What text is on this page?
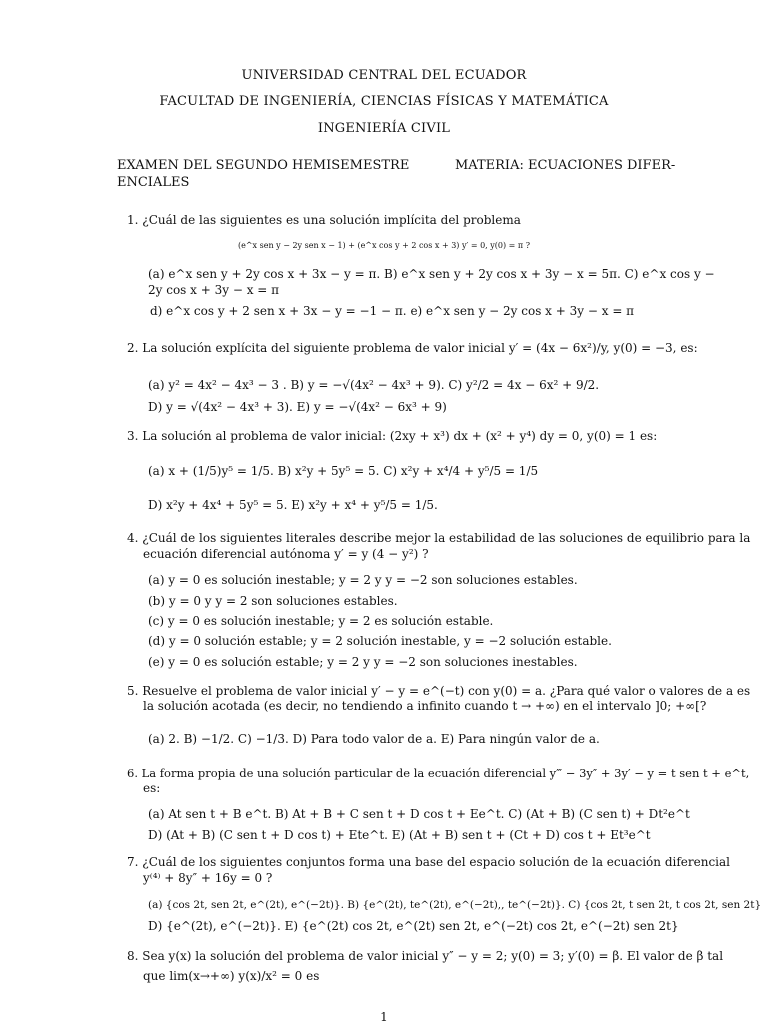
UNIVERSIDAD CENTRAL DEL ECUADOR
FACULTAD DE INGENIERÍA, CIENCIAS FÍSICAS Y MATEMÁTICA
INGENIERÍA CIVIL
EXAMEN DEL SEGUNDO HEMISEMESTRE	MATERIA: ECUACIONES DIFER-
ENCIALES
1. ¿Cuál de las siguientes es una solución implícita del problema
(e^x sen y − 2y sen x − 1) + (e^x cos y + 2 cos x + 3) y′ = 0, y(0) = π ?
(a) e^x sen y + 2y cos x + 3x − y = π. B) e^x sen y + 2y cos x + 3y − x = 5π. C) e^x cos y −
2y cos x + 3y − x = π
d) e^x cos y + 2 sen x + 3x − y = −1 − π. e) e^x sen y − 2y cos x + 3y − x = π
2. La solución explícita del siguiente problema de valor inicial y′ = (4x − 6x²)/y, y(0) = −3, es:
(a) y² = 4x² − 4x³ − 3 . B) y = −√(4x² − 4x³ + 9). C) y²/2 = 4x − 6x² + 9/2.
D) y = √(4x² − 4x³ + 3). E) y = −√(4x² − 6x³ + 9)
3. La solución al problema de valor inicial: (2xy + x³) dx + (x² + y⁴) dy = 0, y(0) = 1 es:
(a) x + (1/5)y⁵ = 1/5. B) x²y + 5y⁵ = 5. C) x²y + x⁴/4 + y⁵/5 = 1/5
D) x²y + 4x⁴ + 5y⁵ = 5. E) x²y + x⁴ + y⁵/5 = 1/5.
4. ¿Cuál de los siguientes literales describe mejor la estabilidad de las soluciones de equilibrio para la
ecuación diferencial autónoma y′ = y (4 − y²) ?
(a) y = 0 es solución inestable; y = 2 y y = −2 son soluciones estables.
(b) y = 0 y y = 2 son soluciones estables.
(c) y = 0 es solución inestable; y = 2 es solución estable.
(d) y = 0 solución estable; y = 2 solución inestable, y = −2 solución estable.
(e) y = 0 es solución estable; y = 2 y y = −2 son soluciones inestables.
5. Resuelve el problema de valor inicial y′ − y = e^(−t) con y(0) = a. ¿Para qué valor o valores de a es
la solución acotada (es decir, no tendiendo a infinito cuando t → +∞) en el intervalo ]0; +∞[?
(a) 2. B) −1/2. C) −1/3. D) Para todo valor de a. E) Para ningún valor de a.
6. La forma propia de una solución particular de la ecuación diferencial y‴ − 3y″ + 3y′ − y = t sen t + e^t,
es:
(a) At sen t + B e^t. B) At + B + C sen t + D cos t + Ee^t. C) (At + B) (C sen t) + Dt²e^t
D) (At + B) (C sen t + D cos t) + Ete^t. E) (At + B) sen t + (Ct + D) cos t + Et³e^t
7. ¿Cuál de los siguientes conjuntos forma una base del espacio solución de la ecuación diferencial
y⁽⁴⁾ + 8y″ + 16y = 0 ?
(a) {cos 2t, sen 2t, e^(2t), e^(−2t)}. B) {e^(2t), te^(2t), e^(−2t),, te^(−2t)}. C) {cos 2t, t sen 2t, t cos 2t, sen 2t}
D) {e^(2t), e^(−2t)}. E) {e^(2t) cos 2t, e^(2t) sen 2t, e^(−2t) cos 2t, e^(−2t) sen 2t}
8. Sea y(x) la solución del problema de valor inicial y″ − y = 2; y(0) = 3; y′(0) = β. El valor de β tal
que lim(x→+∞) y(x)/x² = 0 es
1
